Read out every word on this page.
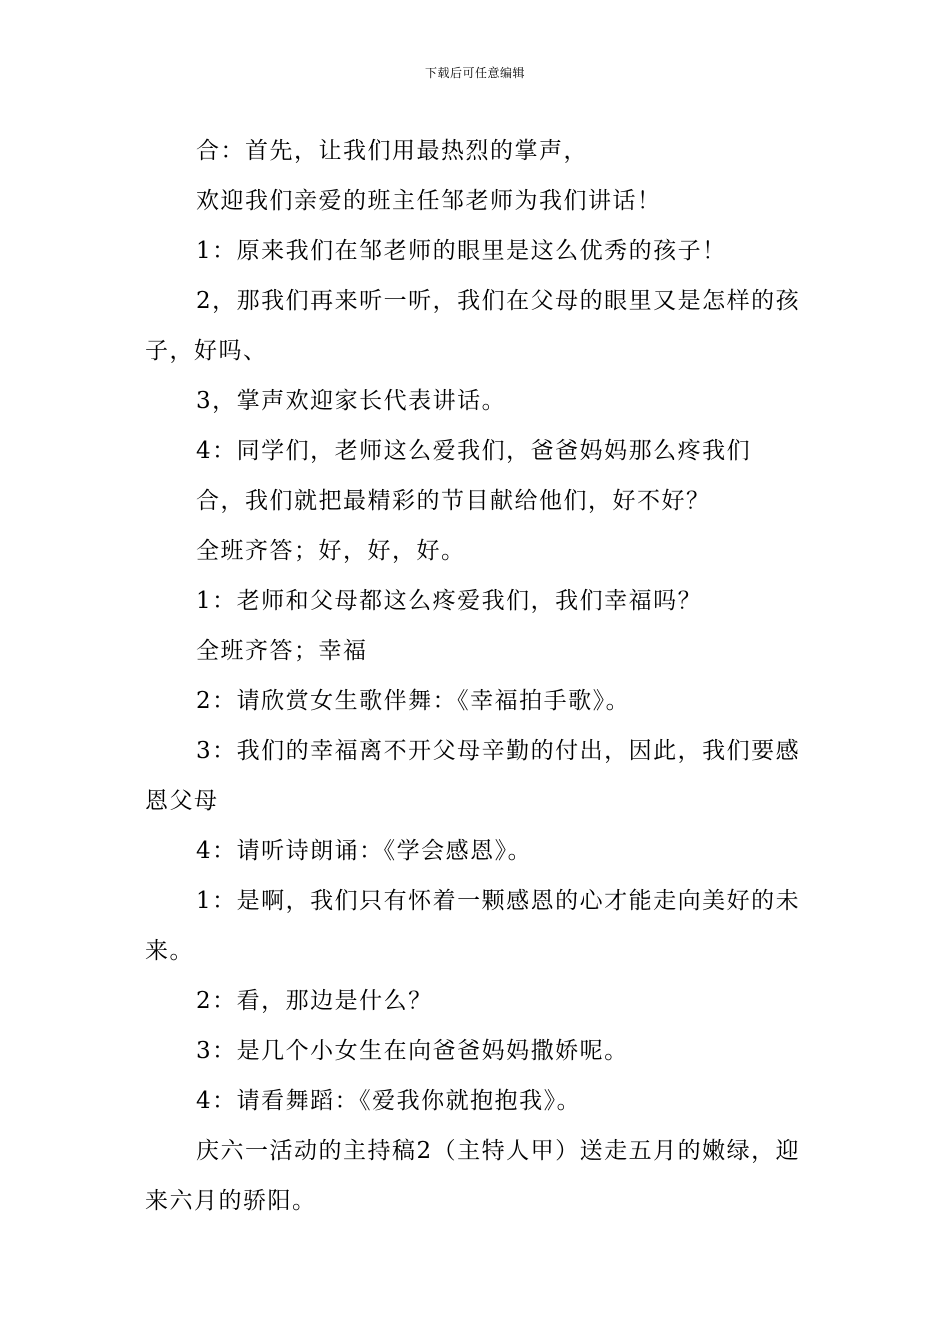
下载后可任意编辑

合：首先，让我们用最热烈的掌声，

欢迎我们亲爱的班主任邹老师为我们讲话！

1：原来我们在邹老师的眼里是这么优秀的孩子！

2，那我们再来听一听，我们在父母的眼里又是怎样的孩子，好吗、

3，掌声欢迎家长代表讲话。

4：同学们，老师这么爱我们，爸爸妈妈那么疼我们

合，我们就把最精彩的节目献给他们，好不好？

全班齐答；好，好，好。

1：老师和父母都这么疼爱我们，我们幸福吗？

全班齐答；幸福

2：请欣赏女生歌伴舞：《幸福拍手歌》。

3：我们的幸福离不开父母辛勤的付出，因此，我们要感恩父母

4：请听诗朗诵：《学会感恩》。

1：是啊，我们只有怀着一颗感恩的心才能走向美好的未来。

2：看，那边是什么？

3：是几个小女生在向爸爸妈妈撒娇呢。

4：请看舞蹈：《爱我你就抱抱我》。

庆六一活动的主持稿2（主特人甲）送走五月的嫩绿，迎来六月的骄阳。
